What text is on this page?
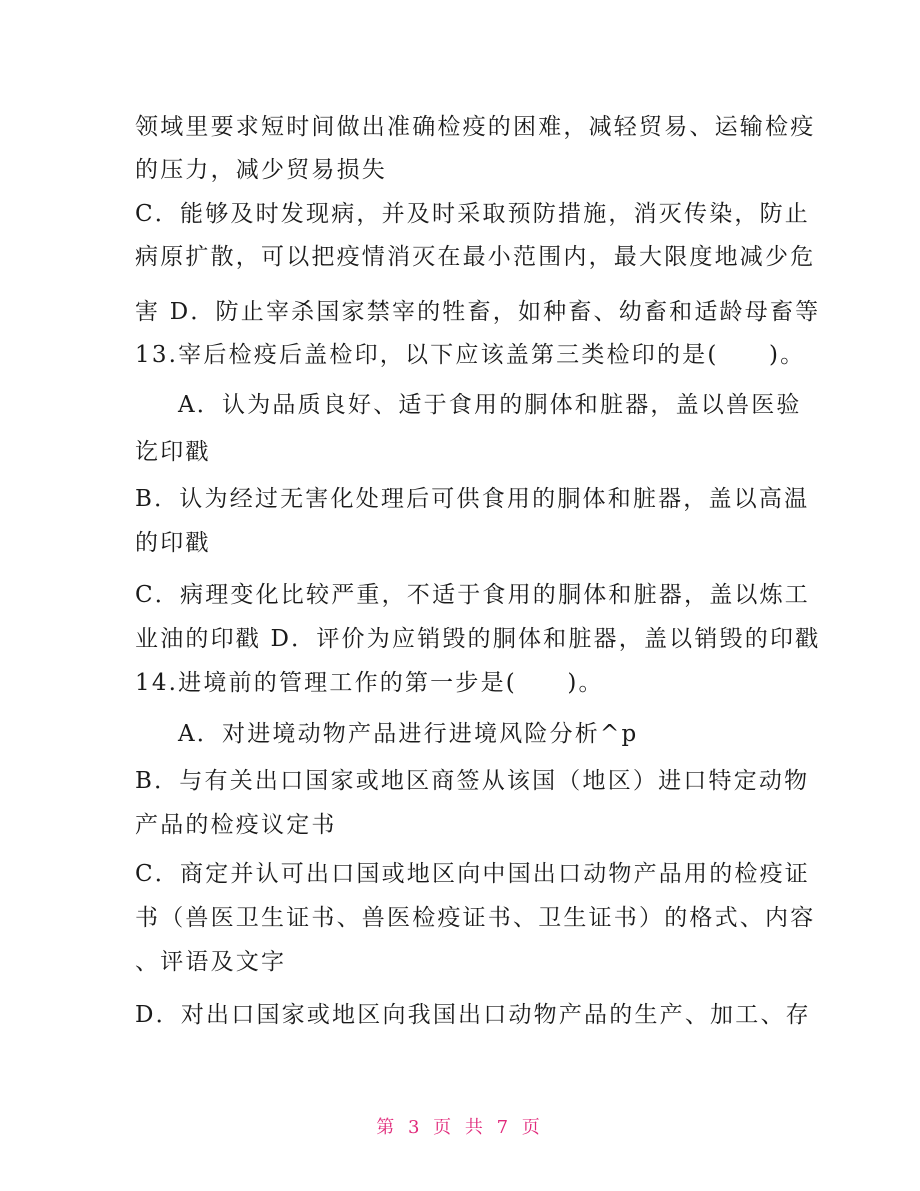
领域里要求短时间做出准确检疫的困难，减轻贸易、运输检疫
的压力，减少贸易损失
C．能够及时发现病，并及时采取预防措施，消灭传染，防止
病原扩散，可以把疫情消灭在最小范围内，最大限度地减少危
害 D．防止宰杀国家禁宰的牲畜，如种畜、幼畜和适龄母畜等
13.宰后检疫后盖检印，以下应该盖第三类检印的是(　　)。
A．认为品质良好、适于食用的胴体和脏器，盖以兽医验
讫印戳
B．认为经过无害化处理后可供食用的胴体和脏器，盖以高温
的印戳
C．病理变化比较严重，不适于食用的胴体和脏器，盖以炼工
业油的印戳 D．评价为应销毁的胴体和脏器，盖以销毁的印戳
14.进境前的管理工作的第一步是(　　)。
A．对进境动物产品进行进境风险分析^p
B．与有关出口国家或地区商签从该国（地区）进口特定动物
产品的检疫议定书
C．商定并认可出口国或地区向中国出口动物产品用的检疫证
书（兽医卫生证书、兽医检疫证书、卫生证书）的格式、内容
、评语及文字
D．对出口国家或地区向我国出口动物产品的生产、加工、存
第 3 页 共 7 页
